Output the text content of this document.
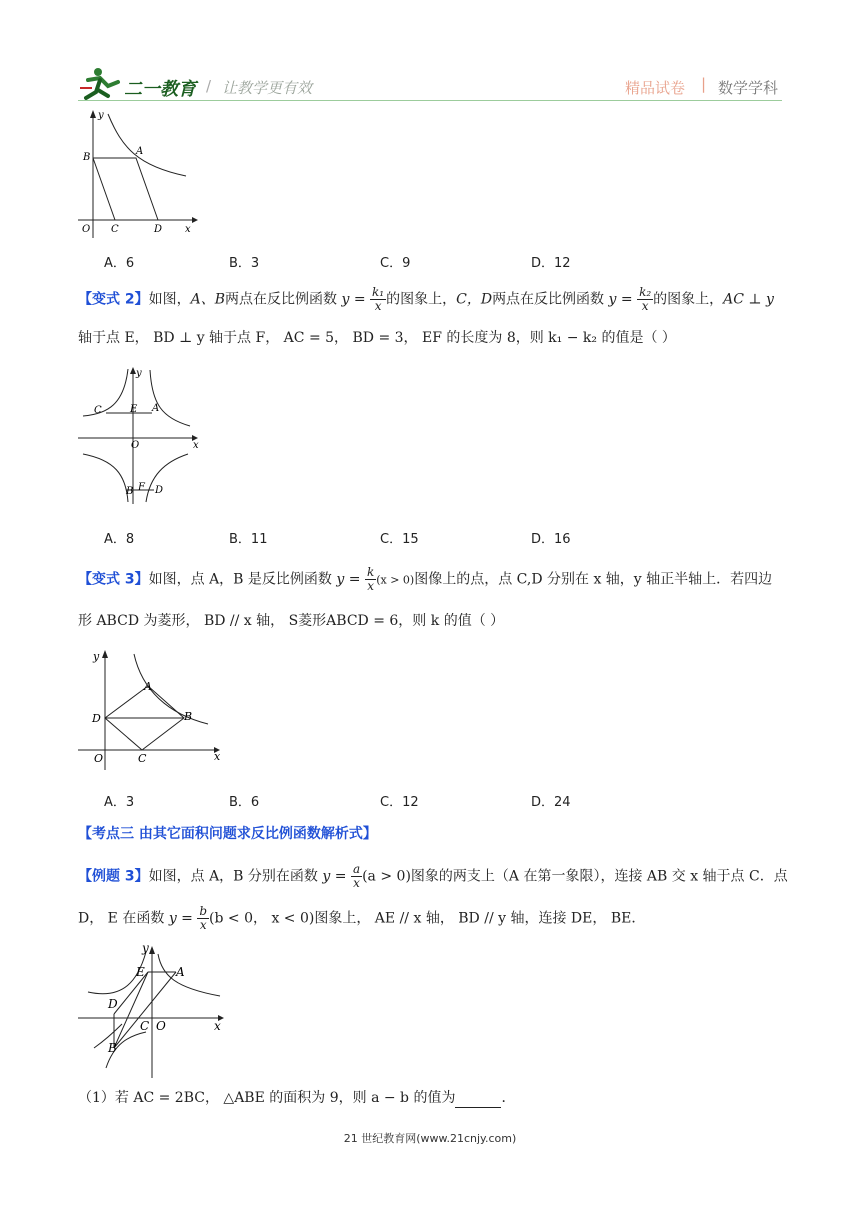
二一教育 / 让教学更有效	精品试卷 | 数学学科
y
B
A
O C	D x
A．6	B．3	C．9	D．12
【变式 2】如图，A、B两点在反比例函数 $y = \frac{\text{k₁}}{x}$ 的图象上，C，D两点在反比例函数 $y = \frac{\text{k₂}}{x}$ 的图象上，AC ⊥ y
轴于点 E， BD ⊥ y 轴于点 F， AC = 5， BD = 3， EF 的长度为 8，则 k₁ − k₂ 的值是（ ）
y
C	E A
O	x
B F D
A．8	B．11	C．15	D．16
【变式 3】如图，点 A，B 是反比例函数 $y = \frac{k}{x} (x > 0)$图像上的点，点 C,D 分别在 x 轴，y 轴正半轴上．若四边
形 ABCD 为菱形， BD // x 轴， S菱形ABCD = 6，则 k 的值（ ）
y
A
D	B
O	C	x
A．3	B．6	C．12	D．24
【考点三 由其它面积问题求反比例函数解析式】
【例题 3】如图，点 A，B 分别在函数 $y = \frac{a}{x} (a > 0)$图象的两支上（A 在第一象限），连接 AB 交 x 轴于点 C．点
D， E 在函数 $y = \frac{b}{x} (b < 0$， x < 0)图象上， AE // x 轴， BD // y 轴，连接 DE， BE．
y
E	A
D
C O	x
B
（1）若 AC = 2BC， △ABE 的面积为 9，则 a − b 的值为	．
21 世纪教育网(www.21cnjy.com)
